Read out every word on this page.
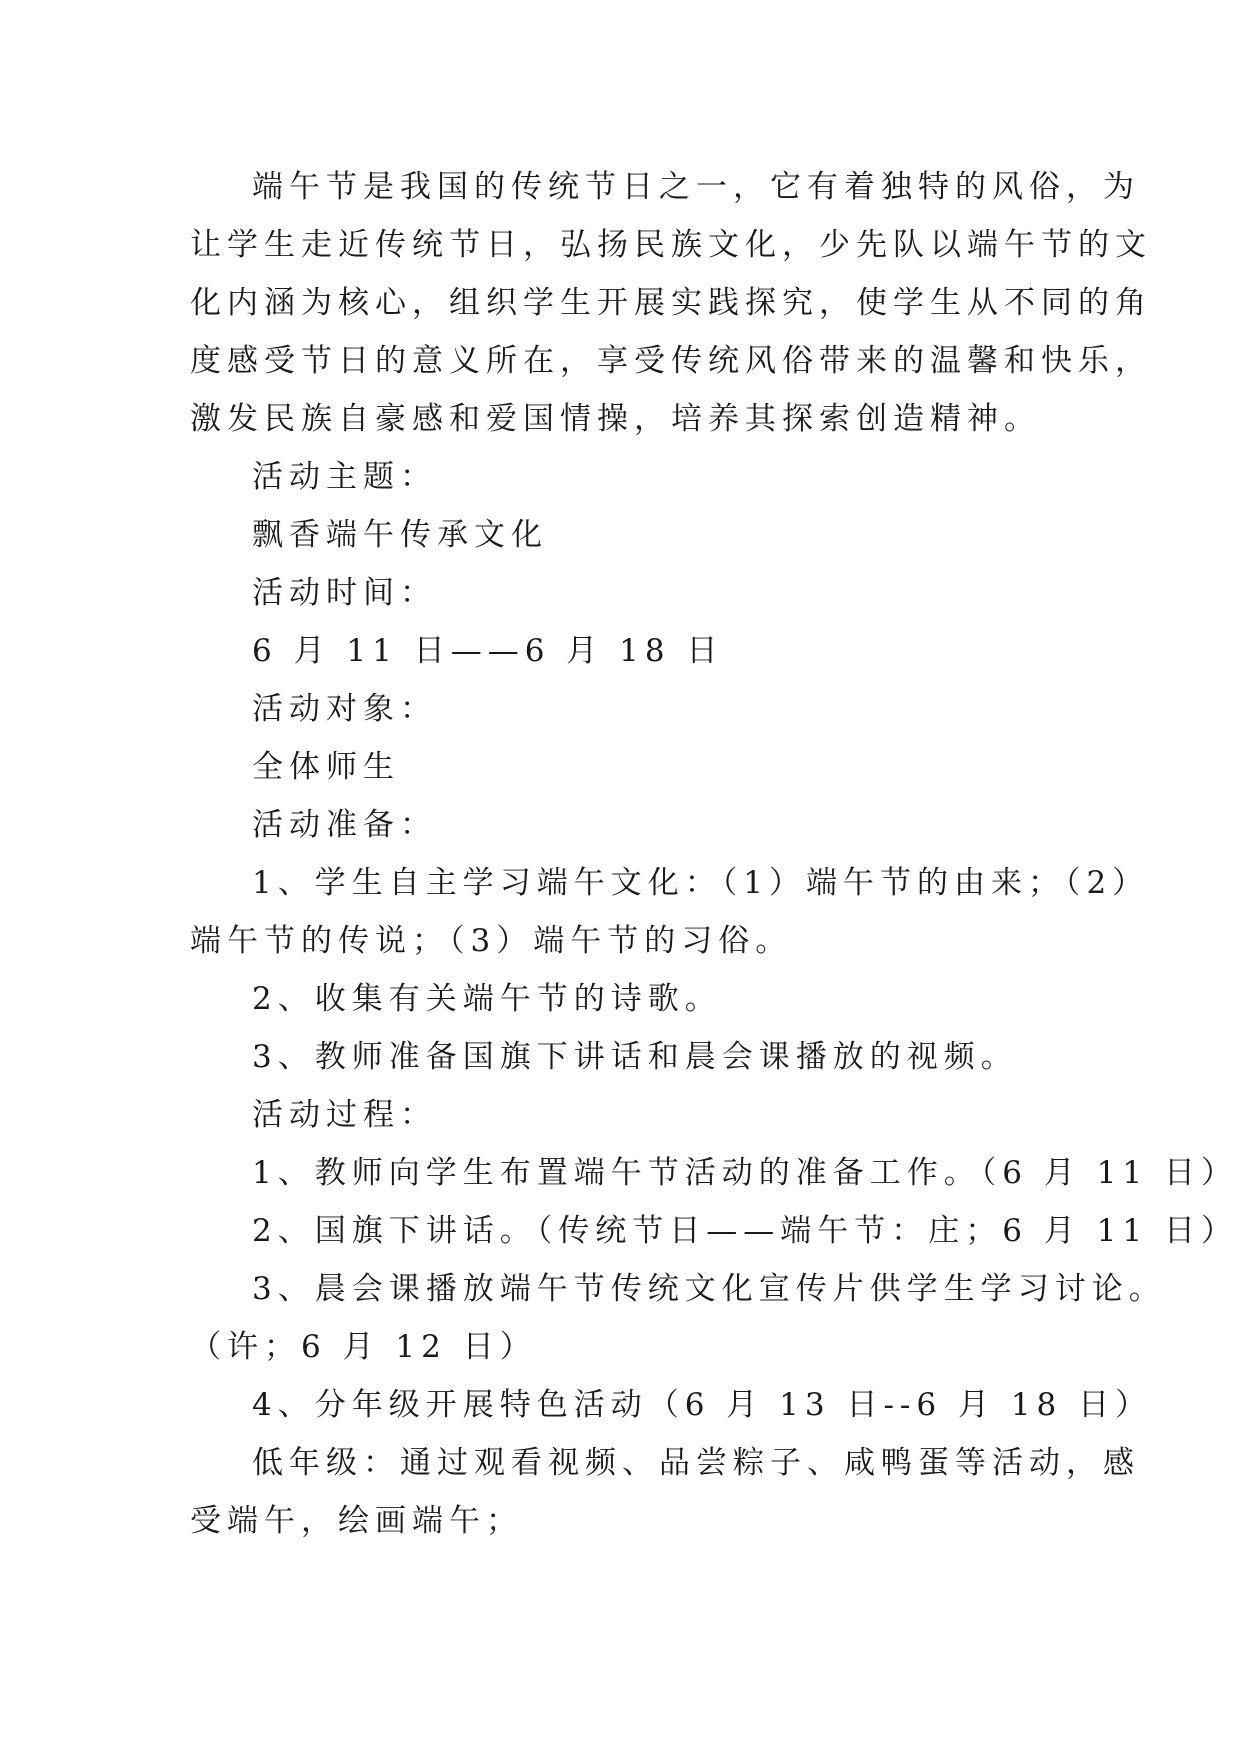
端午节是我国的传统节日之一，它有着独特的风俗，为
让学生走近传统节日，弘扬民族文化，少先队以端午节的文
化内涵为核心，组织学生开展实践探究，使学生从不同的角
度感受节日的意义所在，享受传统风俗带来的温馨和快乐，
激发民族自豪感和爱国情操，培养其探索创造精神。
活动主题：
飘香端午传承文化
活动时间：
6 月 11 日——6 月 18 日
活动对象：
全体师生
活动准备：
1、学生自主学习端午文化：（1）端午节的由来；（2）
端午节的传说；（3）端午节的习俗。
2、收集有关端午节的诗歌。
3、教师准备国旗下讲话和晨会课播放的视频。
活动过程：
1、教师向学生布置端午节活动的准备工作。（6 月 11 日）
2、国旗下讲话。（传统节日——端午节：庄；6 月 11 日）
3、晨会课播放端午节传统文化宣传片供学生学习讨论。
（许；6 月 12 日）
4、分年级开展特色活动（6 月 13 日--6 月 18 日）
低年级：通过观看视频、品尝粽子、咸鸭蛋等活动，感
受端午，绘画端午；
